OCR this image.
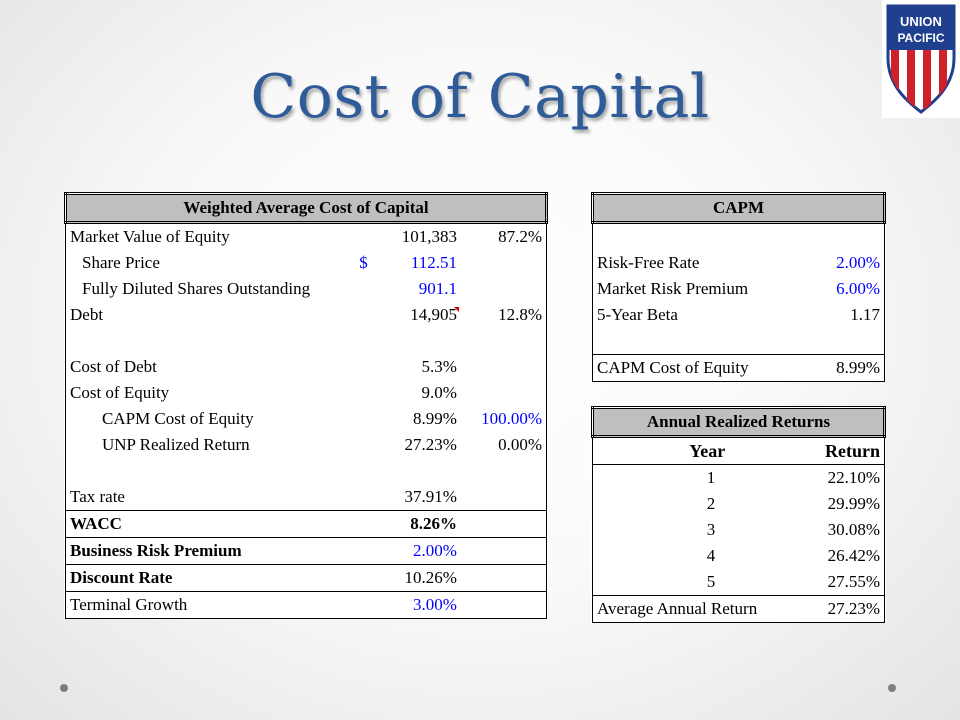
Cost of Capital
UNION
PACIFIC
Weighted Average Cost of Capital		
Market Value of Equity	101,383	87.2%
Share Price $	112.51	
Fully Diluted Shares Outstanding	901.1	
Debt	14,905	12.8%

Cost of Debt	5.3%	
Cost of Equity	9.0%	
CAPM Cost of Equity	8.99%	100.00%
UNP Realized Return	27.23%	0.00%

Tax rate	37.91%	
WACC	8.26%	
Business Risk Premium	2.00%	
Discount Rate	10.26%	
Terminal Growth	3.00%	
CAPM	

Risk-Free Rate	2.00%
Market Risk Premium	6.00%
5-Year Beta	1.17

CAPM Cost of Equity	8.99%
Annual Realized Returns	
Year	Return
1	22.10%
2	29.99%
3	30.08%
4	26.42%
5	27.55%
Average Annual Return	27.23%
